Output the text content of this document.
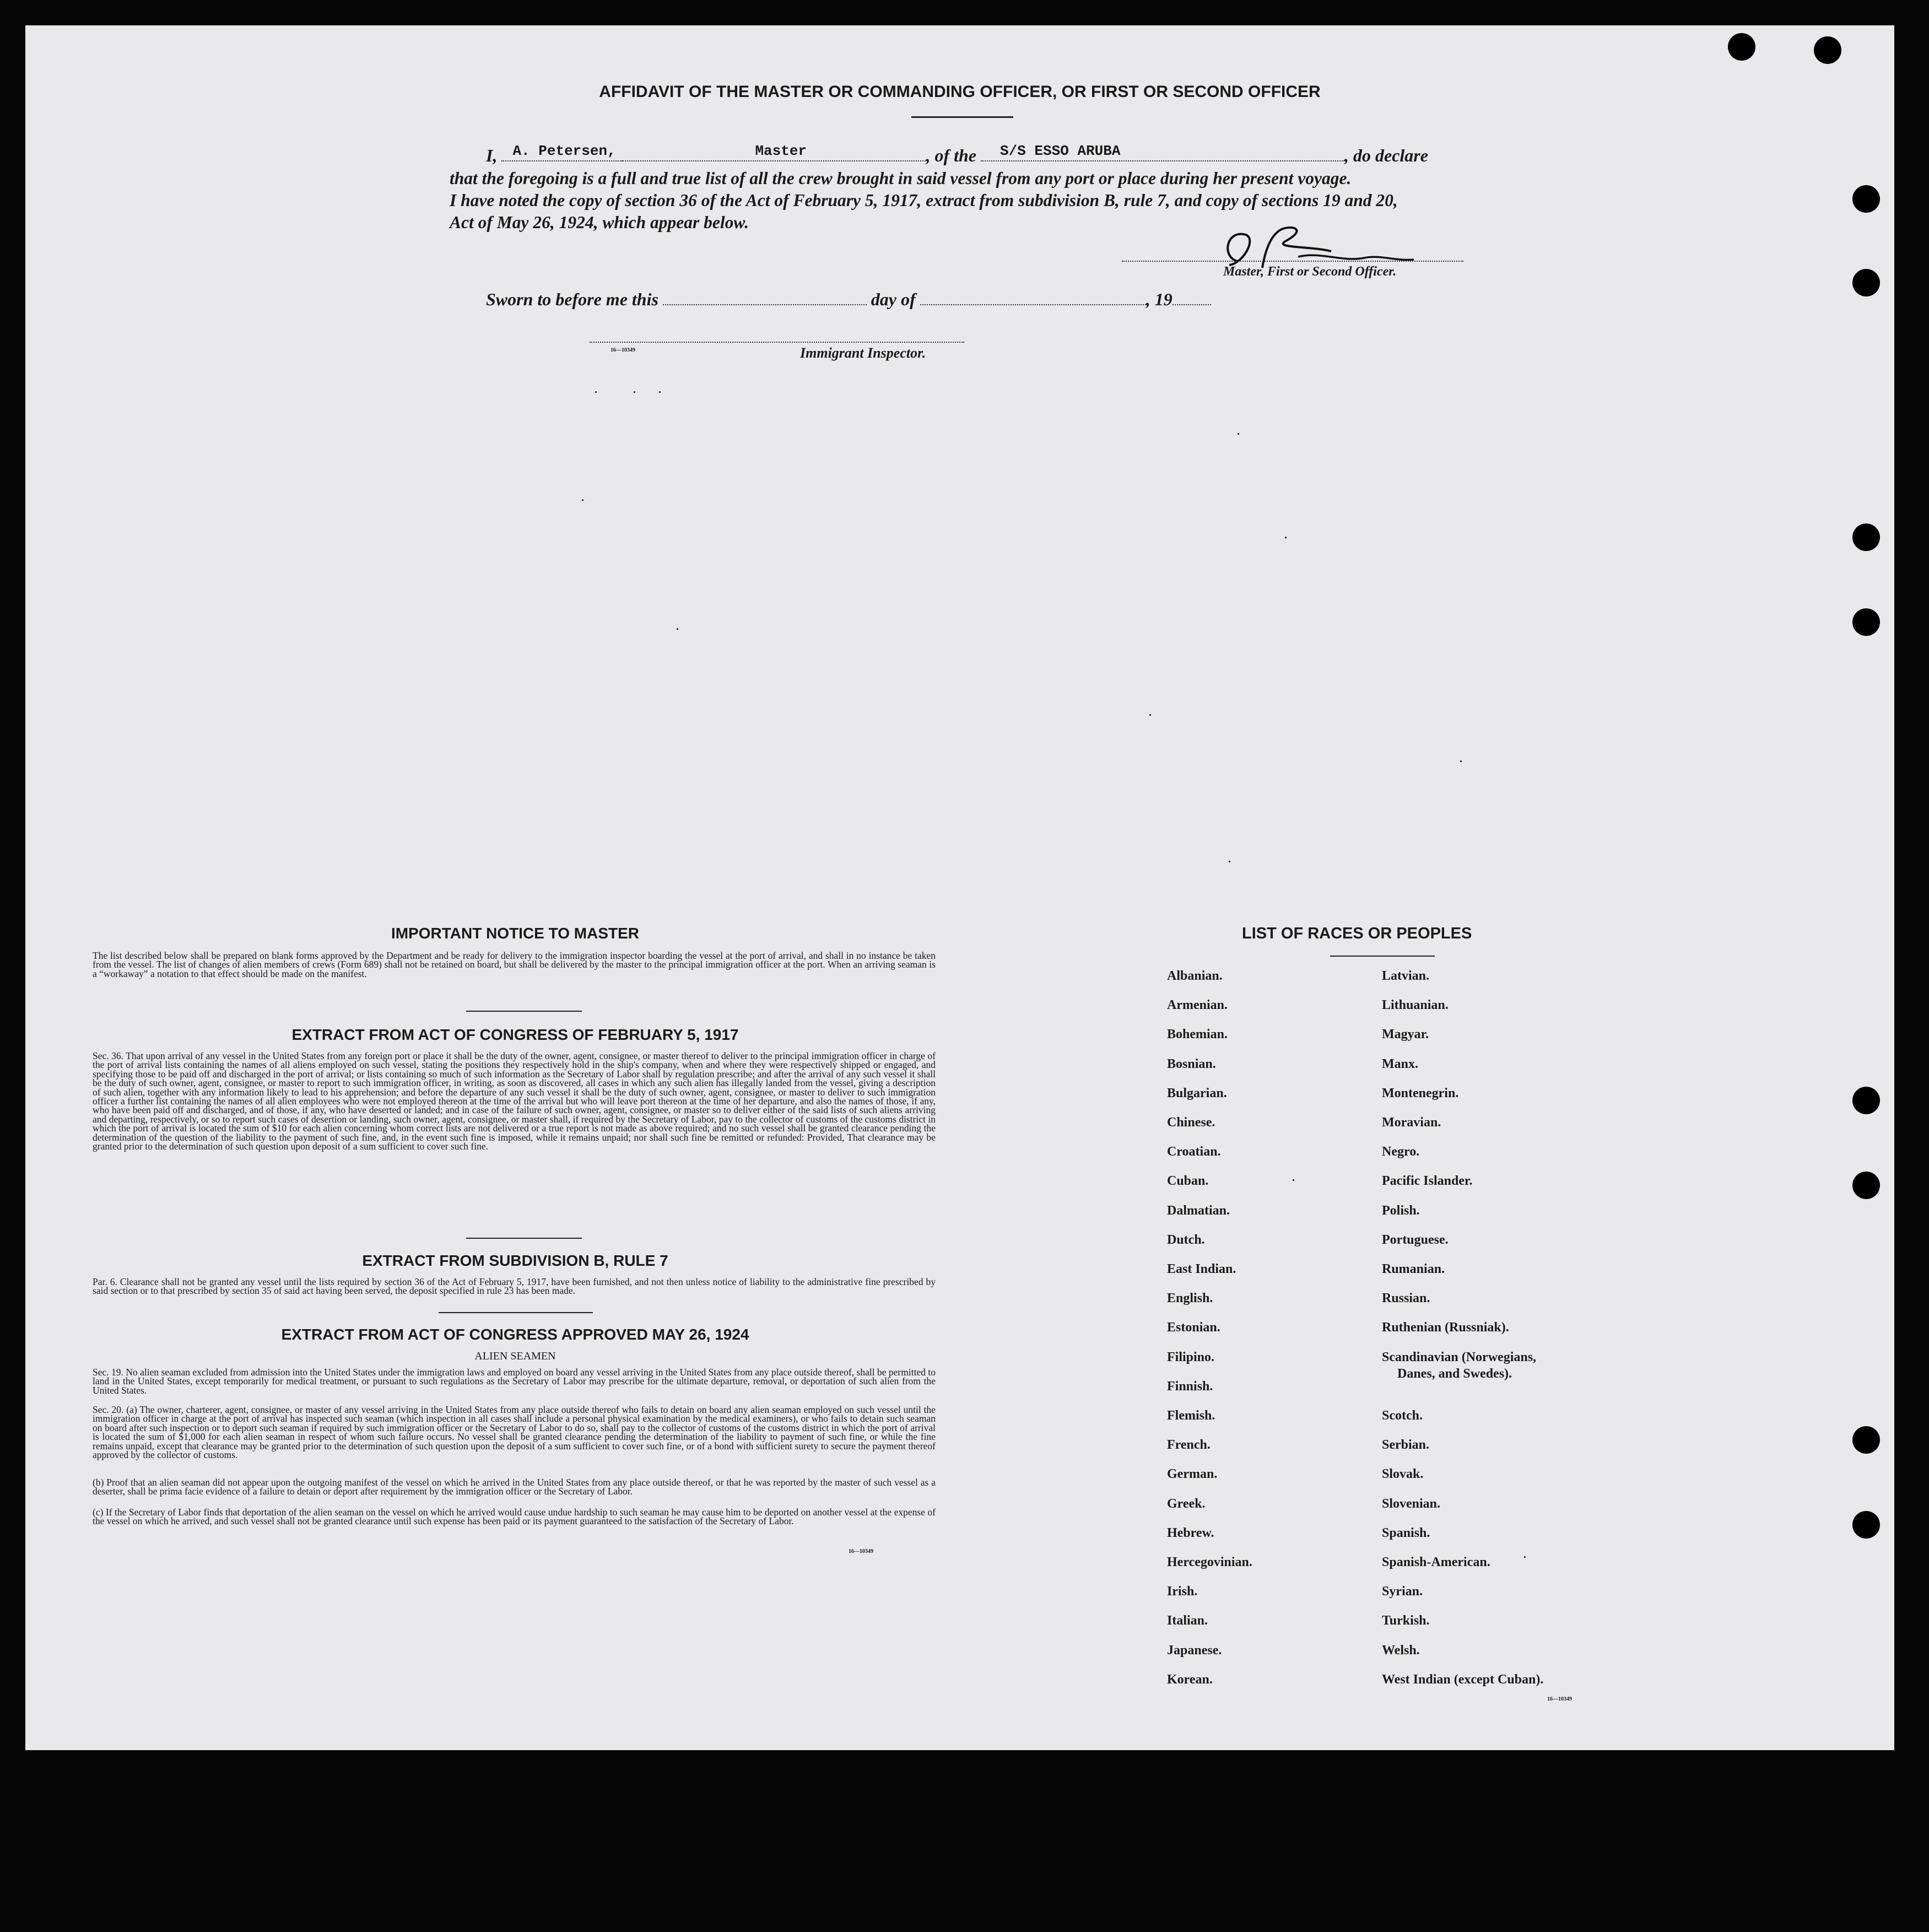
AFFIDAVIT OF THE MASTER OR COMMANDING OFFICER, OR FIRST OR SECOND OFFICER
I, A. Petersen,	Master	, of the S/S ESSO ARUBA	, do declare
that the foregoing is a full and true list of all the crew brought in said vessel from any port or place during her present voyage.
I have noted the copy of section 36 of the Act of February 5, 1917, extract from subdivision B, rule 7, and copy of sections 19 and 20,
Act of May 26, 1924, which appear below.
Master, First or Second Officer.
Sworn to before me this	day of	, 19
16—10349	Immigrant Inspector.
IMPORTANT NOTICE TO MASTER
The list described below shall be prepared on blank forms approved by the Department and be ready for delivery to the immigration inspector boarding the vessel at the port of arrival, and shall in no instance be taken from the vessel. The list of changes of alien members of crews (Form 689) shall not be retained on board, but shall be delivered by the master to the principal immigration officer at the port. When an arriving seaman is a “workaway” a notation to that effect should be made on the manifest.
EXTRACT FROM ACT OF CONGRESS OF FEBRUARY 5, 1917
Sec. 36. That upon arrival of any vessel in the United States from any foreign port or place it shall be the duty of the owner, agent, consignee, or master thereof to deliver to the principal immigration officer in charge of the port of arrival lists containing the names of all aliens employed on such vessel, stating the positions they respectively hold in the ship's company, when and where they were respectively shipped or engaged, and specifying those to be paid off and discharged in the port of arrival; or lists containing so much of such information as the Secretary of Labor shall by regulation prescribe; and after the arrival of any such vessel it shall be the duty of such owner, agent, consignee, or master to report to such immigration officer, in writing, as soon as discovered, all cases in which any such alien has illegally landed from the vessel, giving a description of such alien, together with any information likely to lead to his apprehension; and before the departure of any such vessel it shall be the duty of such owner, agent, consignee, or master to deliver to such immigration officer a further list containing the names of all alien employees who were not employed thereon at the time of the arrival but who will leave port thereon at the time of her departure, and also the names of those, if any, who have been paid off and discharged, and of those, if any, who have deserted or landed; and in case of the failure of such owner, agent, consignee, or master so to deliver either of the said lists of such aliens arriving and departing, respectively, or so to report such cases of desertion or landing, such owner, agent, consignee, or master shall, if required by the Secretary of Labor, pay to the collector of customs of the customs district in which the port of arrival is located the sum of $10 for each alien concerning whom correct lists are not delivered or a true report is not made as above required; and no such vessel shall be granted clearance pending the determination of the question of the liability to the payment of such fine, and, in the event such fine is imposed, while it remains unpaid; nor shall such fine be remitted or refunded: Provided, That clearance may be granted prior to the determination of such question upon deposit of a sum sufficient to cover such fine.
EXTRACT FROM SUBDIVISION B, RULE 7
Par. 6. Clearance shall not be granted any vessel until the lists required by section 36 of the Act of February 5, 1917, have been furnished, and not then unless notice of liability to the administrative fine prescribed by said section or to that prescribed by section 35 of said act having been served, the deposit specified in rule 23 has been made.
EXTRACT FROM ACT OF CONGRESS APPROVED MAY 26, 1924
ALIEN SEAMEN
Sec. 19. No alien seaman excluded from admission into the United States under the immigration laws and employed on board any vessel arriving in the United States from any place outside thereof, shall be permitted to land in the United States, except temporarily for medical treatment, or pursuant to such regulations as the Secretary of Labor may prescribe for the ultimate departure, removal, or deportation of such alien from the United States.
Sec. 20. (a) The owner, charterer, agent, consignee, or master of any vessel arriving in the United States from any place outside thereof who fails to detain on board any alien seaman employed on such vessel until the immigration officer in charge at the port of arrival has inspected such seaman (which inspection in all cases shall include a personal physical examination by the medical examiners), or who fails to detain such seaman on board after such inspection or to deport such seaman if required by such immigration officer or the Secretary of Labor to do so, shall pay to the collector of customs of the customs district in which the port of arrival is located the sum of $1,000 for each alien seaman in respect of whom such failure occurs. No vessel shall be granted clearance pending the determination of the liability to payment of such fine, or while the fine remains unpaid, except that clearance may be granted prior to the determination of such question upon the deposit of a sum sufficient to cover such fine, or of a bond with sufficient surety to secure the payment thereof approved by the collector of customs.
(b) Proof that an alien seaman did not appear upon the outgoing manifest of the vessel on which he arrived in the United States from any place outside thereof, or that he was reported by the master of such vessel as a deserter, shall be prima facie evidence of a failure to detain or deport after requirement by the immigration officer or the Secretary of Labor.
(c) If the Secretary of Labor finds that deportation of the alien seaman on the vessel on which he arrived would cause undue hardship to such seaman he may cause him to be deported on another vessel at the expense of the vessel on which he arrived, and such vessel shall not be granted clearance until such expense has been paid or its payment guaranteed to the satisfaction of the Secretary of Labor.
16—10349
LIST OF RACES OR PEOPLES
Albanian.
Armenian.
Bohemian.
Bosnian.
Bulgarian.
Chinese.
Croatian.
Cuban.
Dalmatian.
Dutch.
East Indian.
English.
Estonian.
Filipino.
Finnish.
Flemish.
French.
German.
Greek.
Hebrew.
Hercegovinian.
Irish.
Italian.
Japanese.
Korean.
Latvian.
Lithuanian.
Magyar.
Manx.
Montenegrin.
Moravian.
Negro.
Pacific Islander.
Polish.
Portuguese.
Rumanian.
Russian.
Ruthenian (Russniak).
Scandinavian (Norwegians,
Danes, and Swedes).
Scotch.
Serbian.
Slovak.
Slovenian.
Spanish.
Spanish-American.
Syrian.
Turkish.
Welsh.
West Indian (except Cuban).
16—10349
